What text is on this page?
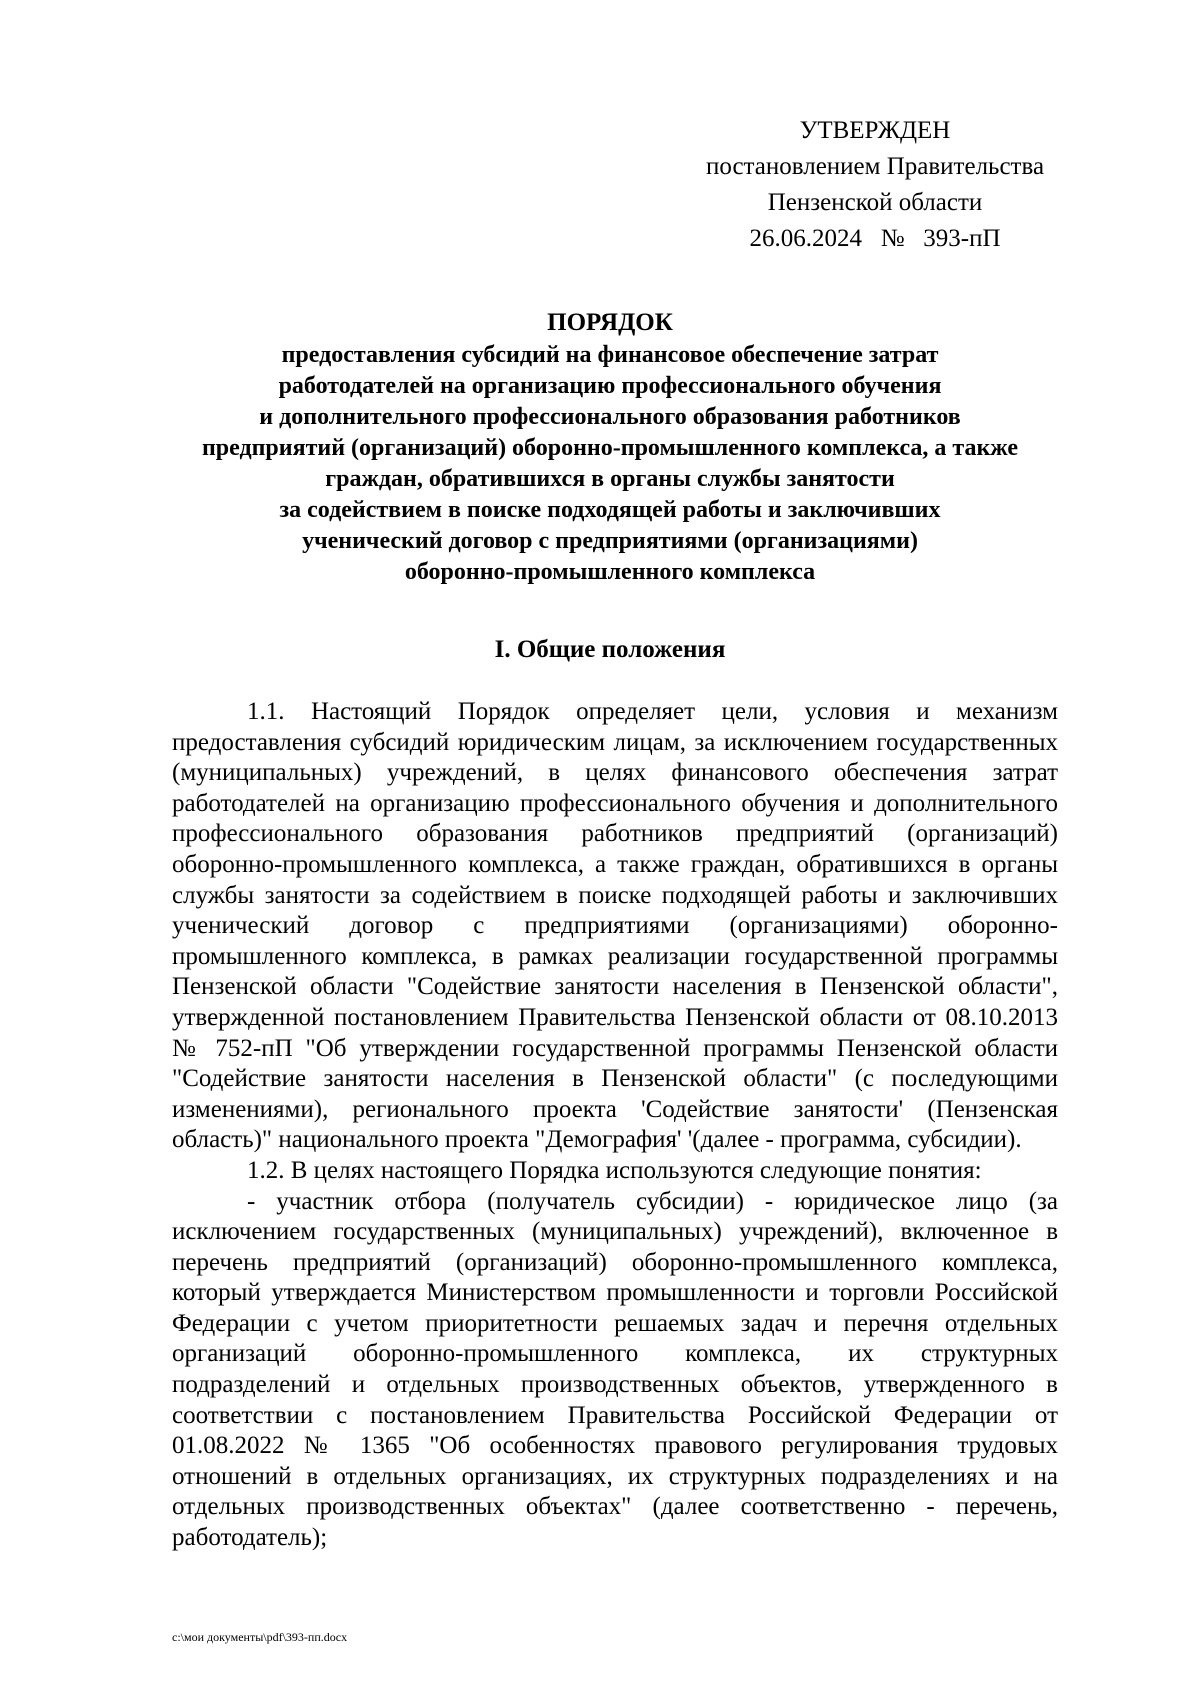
УТВЕРЖДЕН
постановлением Правительства
Пензенской области
26.06.2024   №   393-пП
ПОРЯДОК
предоставления субсидий на финансовое обеспечение затрат
работодателей на организацию профессионального обучения
и дополнительного профессионального образования работников
предприятий (организаций) оборонно-промышленного комплекса, а также
граждан, обратившихся в органы службы занятости
за содействием в поиске подходящей работы и заключивших
ученический договор с предприятиями (организациями)
оборонно-промышленного комплекса
I. Общие положения

1.1. Настоящий Порядок определяет цели, условия и механизм предоставления субсидий юридическим лицам, за исключением государственных (муниципальных) учреждений, в целях финансового обеспечения затрат работодателей на организацию профессионального обучения и дополнительного профессионального образования работников предприятий (организаций) оборонно-промышленного комплекса, а также граждан, обратившихся в органы службы занятости за содействием в поиске подходящей работы и заключивших ученический договор с предприятиями (организациями) оборонно-промышленного комплекса, в рамках реализации государственной программы Пензенской области "Содействие занятости населения в Пензенской области", утвержденной постановлением Правительства Пензенской области от 08.10.2013 № 752-пП "Об утверждении государственной программы Пензенской области "Содействие занятости населения в Пензенской области" (с последующими изменениями), регионального проекта 'Содействие занятости' (Пензенская область)" национального проекта "Демография' '(далее - программа, субсидии).

1.2. В целях настоящего Порядка используются следующие понятия:

- участник отбора (получатель субсидии) - юридическое лицо (за исключением государственных (муниципальных) учреждений), включенное в перечень предприятий (организаций) оборонно-промышленного комплекса, который утверждается Министерством промышленности и торговли Российской Федерации с учетом приоритетности решаемых задач и перечня отдельных организаций оборонно-промышленного комплекса, их структурных подразделений и отдельных производственных объектов, утвержденного в соответствии с постановлением Правительства Российской Федерации от 01.08.2022 № 1365 "Об особенностях правового регулирования трудовых отношений в отдельных организациях, их структурных подразделениях и на отдельных производственных объектах" (далее соответственно - перечень, работодатель);

c:\мои документы\pdf\393-пп.docx
